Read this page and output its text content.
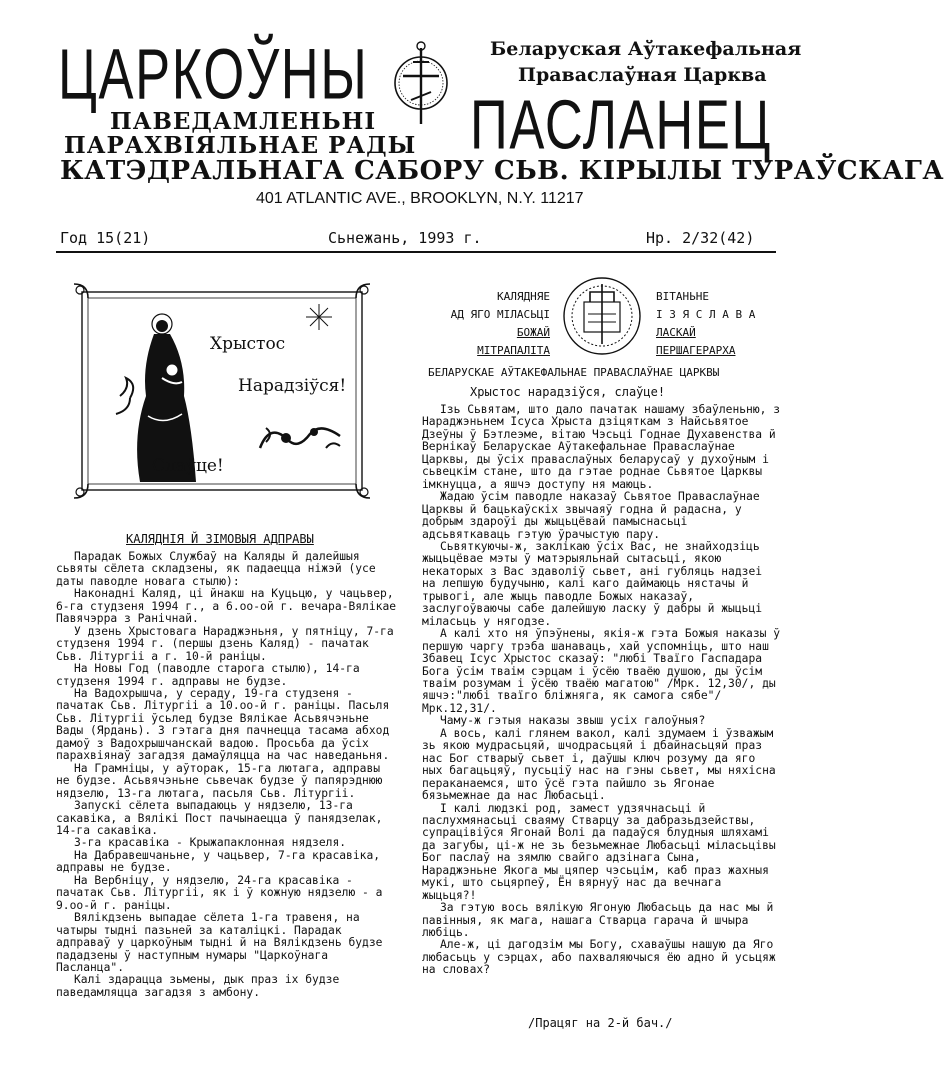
ЦАРКОЎНЫ
ПАСЛАНЕЦ
Беларуская Аўтакефальная
Праваслаўная Царква
ПАВЕДАМЛЕНЬНІ
ПАРАХВІЯЛЬНАЕ РАДЫ
КАТЭДРАЛЬНАГА САБОРУ СЬВ. КІРЫЛЫ ТУРАЎСКАГА
401 ATLANTIC AVE., BROOKLYN, N.Y. 11217
Год 15(21)	Сьнежань, 1993 г.	Нр. 2/32(42)
Хрыстос
Нарадзіўся!
Слаўце!
КАЛЯДНІЯ Й ЗІМОВЫЯ АДПРАВЫ

Парадак Божых Службаў на Каляды й далейшыя сьвяты сёлета складзены, як падаецца ніжэй (усе даты паводле новага стылю):

Наконадні Каляд, ці йнакш на Куцьцю, у чацьвер, 6-га студзеня 1994 г., а 6.оо-ой г. вечара-Вялікае Павячэрра з Ранічнай.

У дзень Хрыстовага Нараджэньня, у пятніцу, 7-га студзеня 1994 г. (першы дзень Каляд) - пачатак Сьв. Літургіі а г. 10-й раніцы.

На Новы Год (паводле старога стылю), 14-га студзеня 1994 г. адправы не будзе.

На Вадохрышча, у сераду, 19-га студзеня - пачатак Сьв. Літургіі а 10.оо-й г. раніцы. Пасьля Сьв. Літургіі ўсьлед будзе Вялікае Асьвячэньне Вады (Ярдань). З гэтага дня пачнецца тасама абход дамоў з Вадохрышчанскай вадою. Просьба да ўсіх парахвіянаў загадзя дамаўляцца на час наведаньня.

На Грамніцы, у аўторак, 15-га лютага, адправы не будзе. Асьвячэньне сьвечак будзе ў папярэднюю нядзелю, 13-га лютага, пасьля Сьв. Літургіі.

Запускі сёлета выпадаюць у нядзелю, 13-га сакавіка, а Вялікі Пост пачынаецца ў панядзелак, 14-га сакавіка.

3-га красавіка - Крыжапаклонная нядзеля.

На Дабравешчаньне, у чацьвер, 7-га красавіка, адправы не будзе.

На Вербніцу, у нядзелю, 24-га красавіка - пачатак Сьв. Літургіі, як і ў кожную нядзелю - а 9.оо-й г. раніцы.

Вялікдзень выпадае сёлета 1-га травеня, на чатыры тыдні пазьней за каталіцкі. Парадак адправаў у царкоўным тыдні й на Вялікдзень будзе пададзены ў наступным нумары "Царкоўнага Пасланца".

Калі здарацца зьмены, дык праз іх будзе паведамляцца загадзя з амбону.

КАЛЯДНЯЕ
АД ЯГО МІЛАСЬЦІ
БОЖАЙ
МІТРАПАЛІТА
ВІТАНЬНЕ
І З Я С Л А В А
ЛАСКАЙ
ПЕРШАГЕРАРХА
БЕЛАРУСКАЕ АЎТАКЕФАЛЬНАЕ ПРАВАСЛАЎНАЕ ЦАРКВЫ
Хрыстос нарадзіўся, слаўце!

Ізь Сьвятам, што дало пачатак нашаму збаўленьню, з Нараджэньнем Ісуса Хрыста дзіцяткам з Найсьвятое Дзеўны ў Бэтлеэме, вітаю Чэсьці Годнае Духавенства й Вернікаў Беларускае Аўтакефальнае Праваслаўнае Царквы, ды ўсіх праваслаўных беларусаў у духоўным і сьвецкім стане, што да гэтае роднае Сьвятое Царквы імкнуцца, а яшчэ доступу ня маюць.

Жадаю ўсім паводле наказаў Сьвятое Праваслаўнае Царквы й бацькаўскіх звычаяў годна й радасна, у добрым здароўі ды жыцьцёвай памыснасьці адсьвяткаваць гэтую ўрачыстую пару.

Сьвяткуючы-ж, заклікаю ўсіх Вас, не знайходзіць жыцьцёвае мэты ў матэрыяльнай сытасьці, якою некаторых з Вас здаволіў сьвет, ані губляць надзеі на лепшую будучыню, калі каго даймаюць нястачы й трывогі, але жыць паводле Божых наказаў, заслугоўваючы сабе далейшую ласку ў дабры й жыцьці міласьць у нягодзе.

А калі хто ня ўпэўнены, якія-ж гэта Божыя наказы ў першую чаргу трэба шанаваць, хай успомніць, што наш Збавец Ісус Хрыстос сказаў: "любі Тваїго Гаспадара Бога ўсім тваім сэрцам і ўсёю тваёю душою, ды ўсім тваім розумам і ўсёю тваёю магатою" /Мрк. 12,30/, ды яшчэ:"любі тваїго бліжняга, як самога сябе"/Мрк.12,31/.

Чаму-ж гэтыя наказы звыш усіх галоўныя?

А вось, калі глянем вакол, калі здумаем і ўзважым зь якою мудрасьцяй, шчодрасьцяй і дбайнасьцяй праз нас Бог стварыў сьвет і, даўшы ключ розуму да яго ных багацьцяў, пусьціў нас на гэны сьвет, мы няхісна пераканаемся, што ўсё гэта пайшло зь Ягонае бязьмежнае да нас Любасьці.

І калі людзкі род, замест удзячнасьці й паслухмянасьці сваяму Стварцу за дабразьдзействы, супрацівіўся Ягонай Волі да падаўся блудныя шляхамі да загубы, ці-ж не зь безьмежнае Любасьці міласьцівы Бог паслаў на зямлю свайго адзінага Сына, Нараджэньне Якога мы цяпер чэсьцім, каб праз жахныя мукі, што сьцярпеў, Ён вярнуў нас да вечнага жыцьця?!

За гэтую вось вялікую Ягоную Любасьць да нас мы й павінныя, як мага, нашага Стварца гарача й шчыра любіць.

Але-ж, ці дагодзім мы Богу, схаваўшы нашую да Яго любасьць у сэрцах, або пахваляючыся ёю адно й усьцяж на словах?

/Працяг на 2-й бач./
